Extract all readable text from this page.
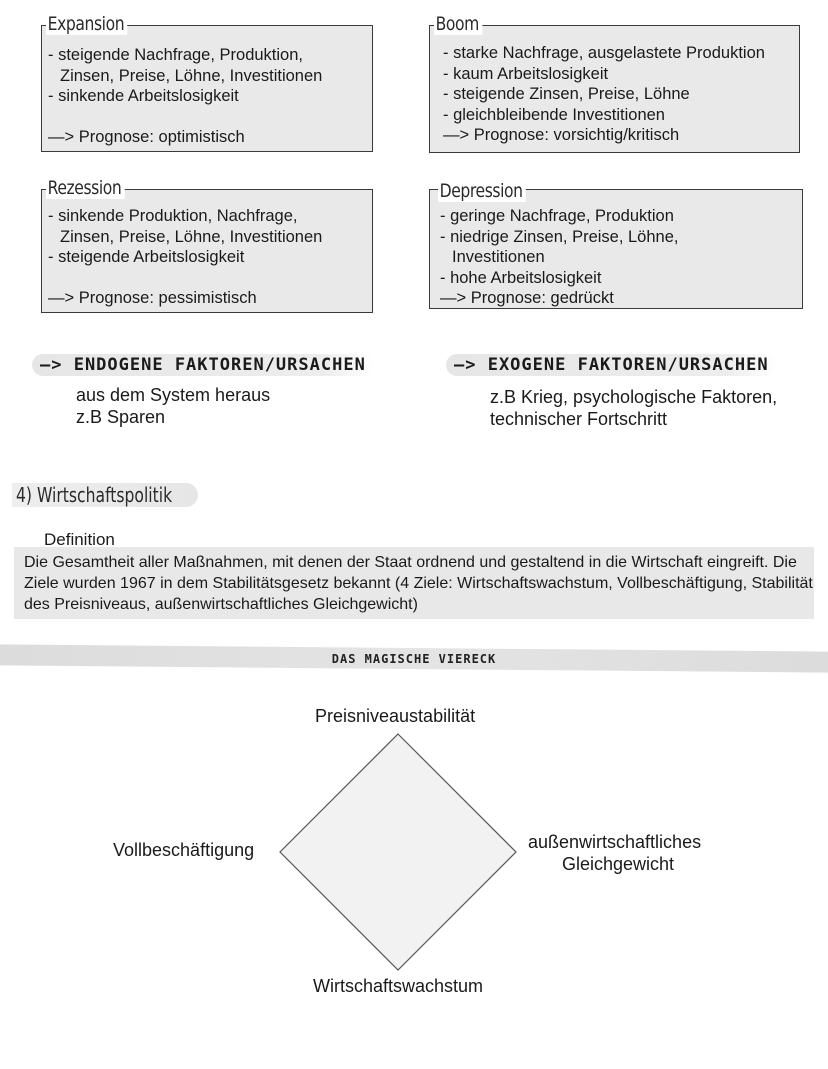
- steigende Nachfrage, Produktion,
Zinsen, Preise, Löhne, Investitionen
- sinkende Arbeitslosigkeit
—> Prognose: optimistisch
Expansion
- starke Nachfrage, ausgelastete Produktion
- kaum Arbeitslosigkeit
- steigende Zinsen, Preise, Löhne
- gleichbleibende Investitionen
—> Prognose: vorsichtig/kritisch
Boom
- sinkende Produktion, Nachfrage,
Zinsen, Preise, Löhne, Investitionen
- steigende Arbeitslosigkeit
—> Prognose: pessimistisch
Rezession
- geringe Nachfrage, Produktion
- niedrige Zinsen, Preise, Löhne,
Investitionen
- hohe Arbeitslosigkeit
—> Prognose: gedrückt
Depression
—> ENDOGENE FAKTOREN/URSACHEN
aus dem System heraus
z.B Sparen
—> EXOGENE FAKTOREN/URSACHEN
z.B Krieg, psychologische Faktoren,
technischer Fortschritt
4) Wirtschaftspolitik
Definition
Die Gesamtheit aller Maßnahmen, mit denen der Staat ordnend und gestaltend in die Wirtschaft eingreift. Die Ziele wurden 1967 in dem Stabilitätsgesetz bekannt (4 Ziele: Wirtschaftswachstum, Vollbeschäftigung, Stabilität des Preisniveaus, außenwirtschaftliches Gleichgewicht)
DAS MAGISCHE VIERECK
Preisniveaustabilität
Vollbeschäftigung	außenwirtschaftliches
Gleichgewicht
Wirtschaftswachstum
